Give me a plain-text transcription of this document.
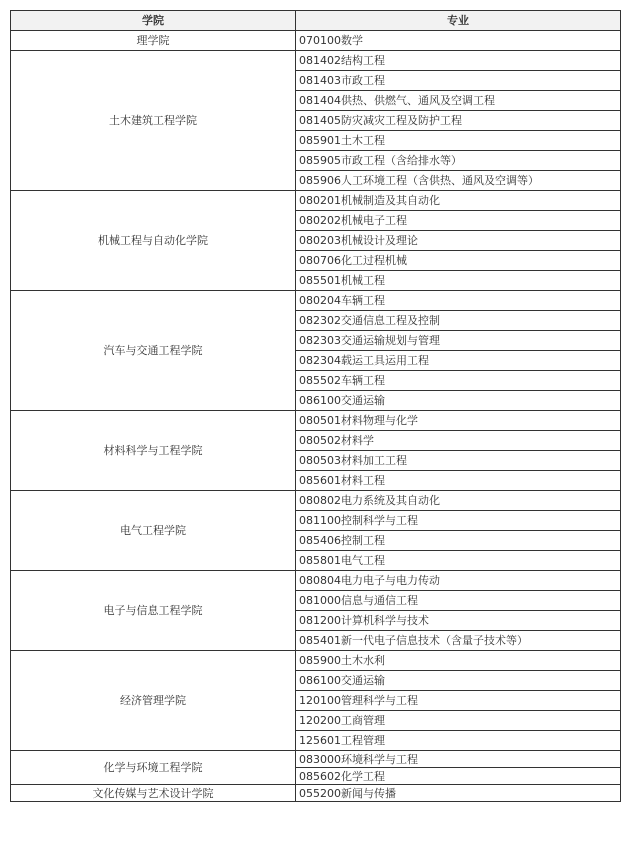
学院	专业
理学院	070100数学
土木建筑工程学院	081402结构工程
	081403市政工程
	081404供热、供燃气、通风及空调工程
	081405防灾减灾工程及防护工程
	085901土木工程
	085905市政工程（含给排水等）
	085906人工环境工程（含供热、通风及空调等）
机械工程与自动化学院	080201机械制造及其自动化
	080202机械电子工程
	080203机械设计及理论
	080706化工过程机械
	085501机械工程
汽车与交通工程学院	080204车辆工程
	082302交通信息工程及控制
	082303交通运输规划与管理
	082304载运工具运用工程
	085502车辆工程
	086100交通运输
材料科学与工程学院	080501材料物理与化学
	080502材料学
	080503材料加工工程
	085601材料工程
电气工程学院	080802电力系统及其自动化
	081100控制科学与工程
	085406控制工程
	085801电气工程
电子与信息工程学院	080804电力电子与电力传动
	081000信息与通信工程
	081200计算机科学与技术
	085401新一代电子信息技术（含量子技术等）
经济管理学院	085900土木水利
	086100交通运输
	120100管理科学与工程
	120200工商管理
	125601工程管理
化学与环境工程学院	083000环境科学与工程
	085602化学工程
文化传媒与艺术设计学院	055200新闻与传播
